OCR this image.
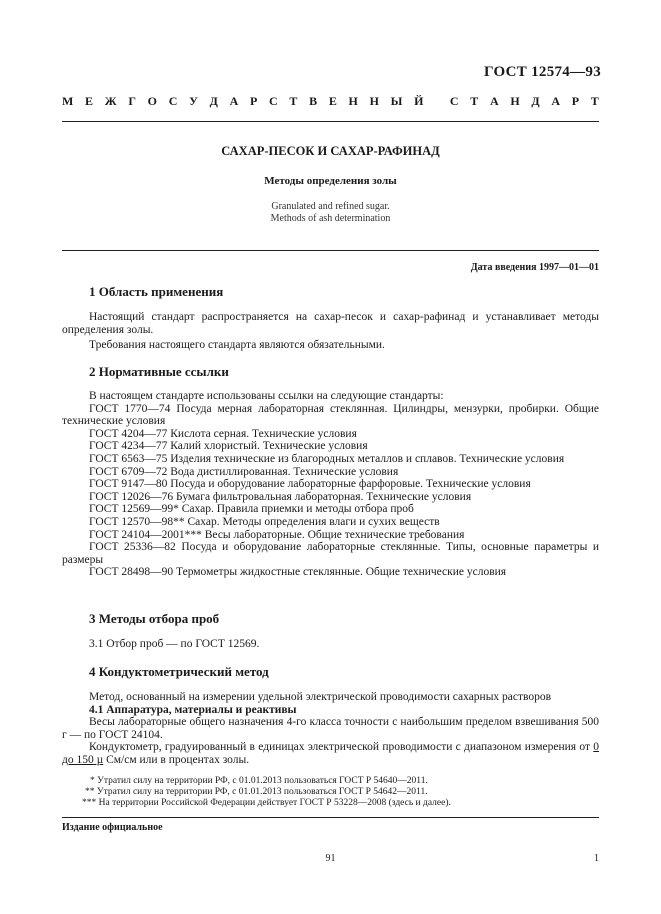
ГОСТ 12574—93
М Е Ж Г О С У Д А Р С Т В Е Н Н Ы Й
С Т А Н Д А Р Т
САХАР-ПЕСОК И САХАР-РАФИНАД
Методы определения золы
Granulated and refined sugar.
Methods of ash determination
Дата введения 1997—01—01
1 Область применения

Настоящий стандарт распространяется на сахар-песок и сахар-рафинад и устанавливает методы определения золы.

Требования настоящего стандарта являются обязательными.

2 Нормативные ссылки
В настоящем стандарте использованы ссылки на следующие стандарты:
ГОСТ 1770—74 Посуда мерная лабораторная стеклянная. Цилиндры, мензурки, пробирки. Общие технические условия
ГОСТ 4204—77 Кислота серная. Технические условия
ГОСТ 4234—77 Калий хлористый. Технические условия
ГОСТ 6563—75 Изделия технические из благородных металлов и сплавов. Технические условия
ГОСТ 6709—72 Вода дистиллированная. Технические условия
ГОСТ 9147—80 Посуда и оборудование лабораторные фарфоровые. Технические условия
ГОСТ 12026—76 Бумага фильтровальная лабораторная. Технические условия
ГОСТ 12569—99* Сахар. Правила приемки и методы отбора проб
ГОСТ 12570—98** Сахар. Методы определения влаги и сухих веществ
ГОСТ 24104—2001*** Весы лабораторные. Общие технические требования
ГОСТ 25336—82 Посуда и оборудование лабораторные стеклянные. Типы, основные параметры и размеры
ГОСТ 28498—90 Термометры жидкостные стеклянные. Общие технические условия
3 Методы отбора проб

3.1 Отбор проб — по ГОСТ 12569.

4 Кондуктометрический метод

Метод, основанный на измерении удельной электрической проводимости сахарных растворов

4.1 Аппаратура, материалы и реактивы

Весы лабораторные общего назначения 4-го класса точности с наибольшим пределом взвешивания 500 г — по ГОСТ 24104.

Кондуктометр, градуированный в единицах электрической проводимости с диапазоном измерения от 0 до 150 µ См/см или в процентах золы.

* Утратил силу на территории РФ, с 01.01.2013 пользоваться ГОСТ Р 54640—2011.
** Утратил силу на территории РФ, с 01.01.2013 пользоваться ГОСТ Р 54642—2011.
*** На территории Российской Федерации действует ГОСТ Р 53228—2008 (здесь и далее).
Издание официальное
91	1
